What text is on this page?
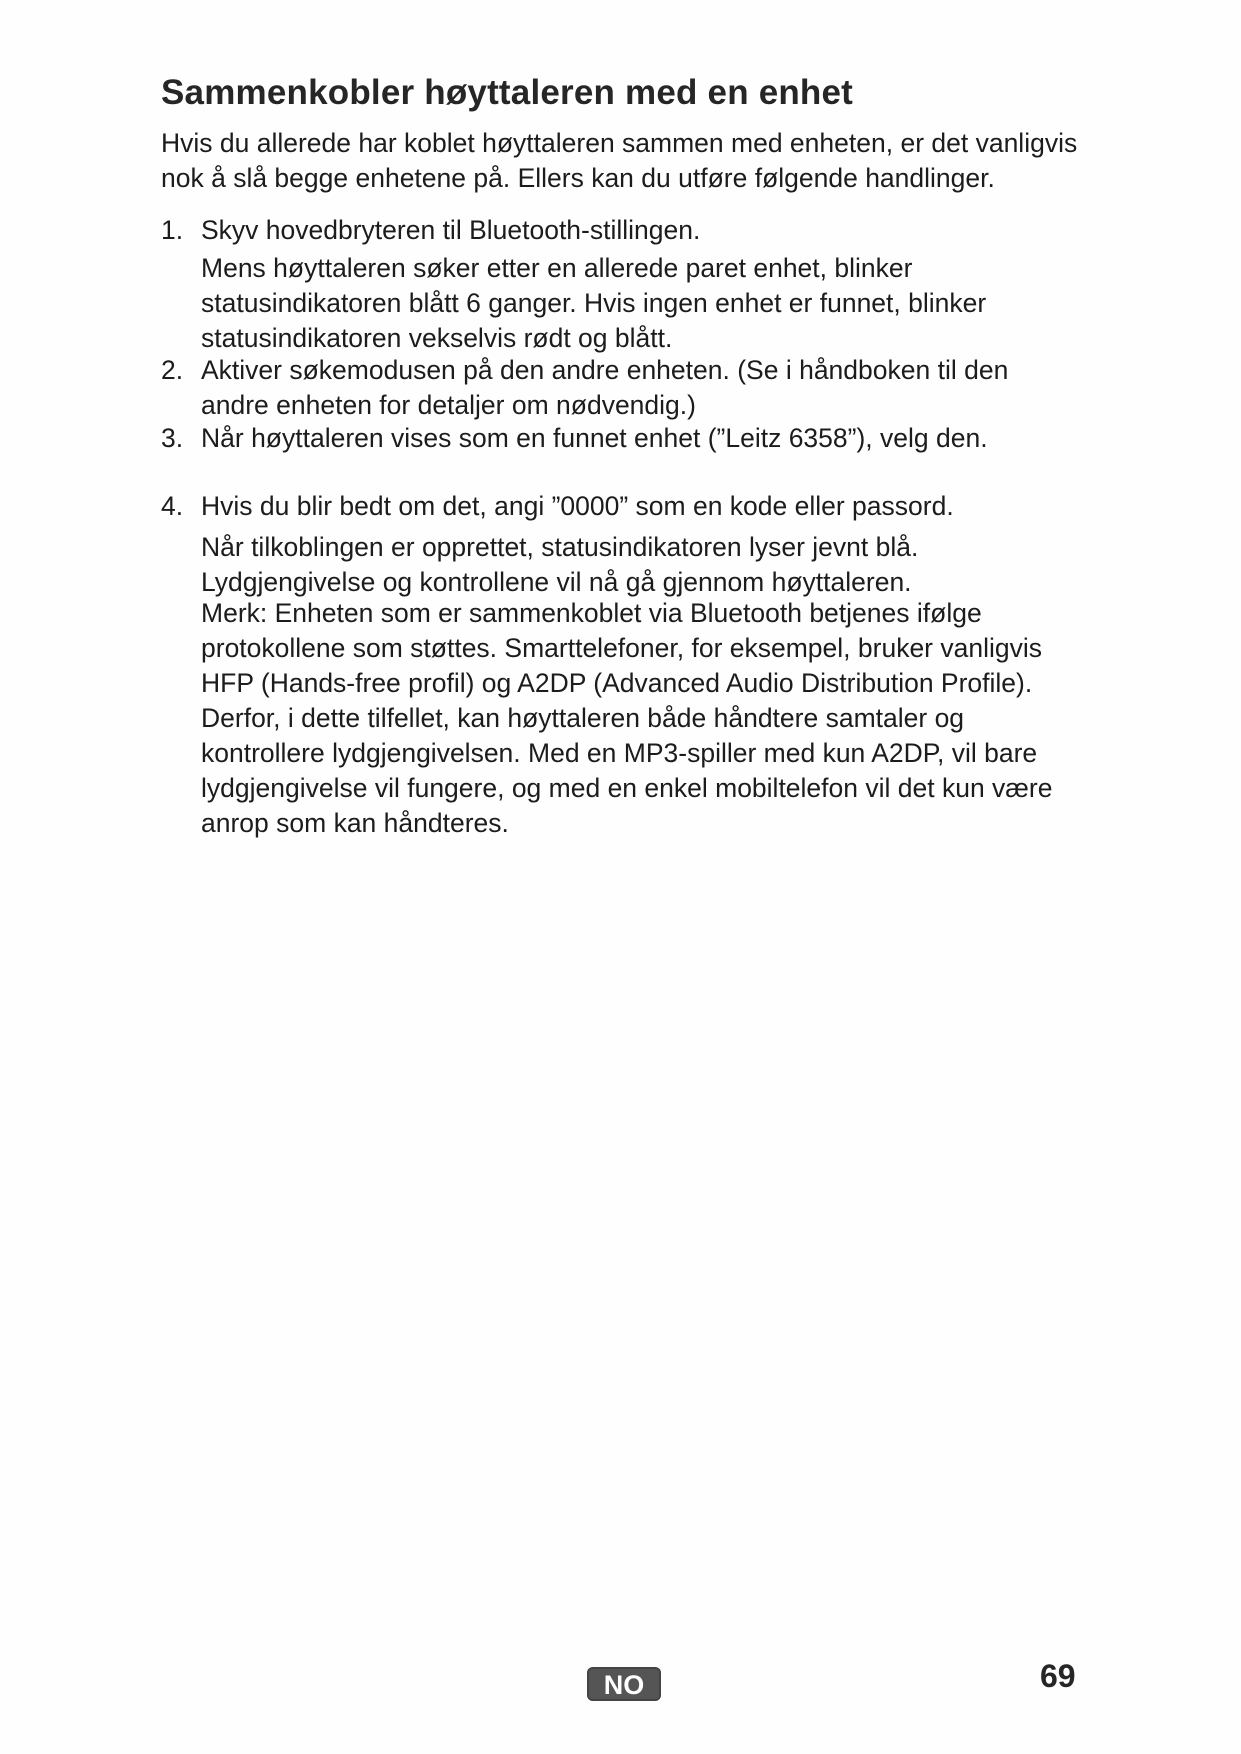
Sammenkobler høyttaleren med en enhet

Hvis du allerede har koblet høyttaleren sammen med enheten, er det vanligvis nok å slå begge enhetene på. Ellers kan du utføre følgende handlinger.

1. Skyv hovedbryteren til Bluetooth-stillingen.

Mens høyttaleren søker etter en allerede paret enhet, blinker statusindikatoren blått 6 ganger. Hvis ingen enhet er funnet, blinker statusindikatoren vekselvis rødt og blått.

2. Aktiver søkemodusen på den andre enheten. (Se i håndboken til den andre enheten for detaljer om nødvendig.)
3. Når høyttaleren vises som en funnet enhet (”Leitz 6358”), velg den.
4. Hvis du blir bedt om det, angi ”0000” som en kode eller passord.

Når tilkoblingen er opprettet, statusindikatoren lyser jevnt blå. Lydgjengivelse og kontrollene vil nå gå gjennom høyttaleren.

Merk: Enheten som er sammenkoblet via Bluetooth betjenes ifølge protokollene som støttes. Smarttelefoner, for eksempel, bruker vanligvis HFP (Hands-free profil) og A2DP (Advanced Audio Distribution Profile). Derfor, i dette tilfellet, kan høyttaleren både håndtere samtaler og kontrollere lydgjengivelsen. Med en MP3-spiller med kun A2DP, vil bare lydgjengivelse vil fungere, og med en enkel mobiltelefon vil det kun være anrop som kan håndteres.

NO	69
